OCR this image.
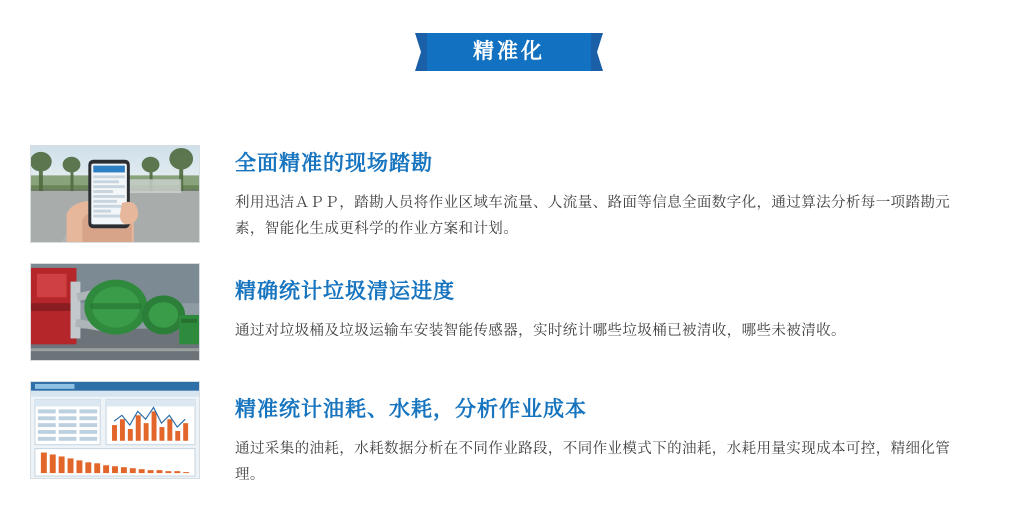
精准化
全面精准的现场踏勘

利用迅洁ＡＰＰ，踏勘人员将作业区域车流量、人流量、路面等信息全面数字化，通过算法分析每一项踏勘元素，智能化生成更科学的作业方案和计划。

精确统计垃圾清运进度

通过对垃圾桶及垃圾运输车安装智能传感器，实时统计哪些垃圾桶已被清收，哪些未被清收。

精准统计油耗、水耗，分析作业成本

通过采集的油耗，水耗数据分析在不同作业路段，不同作业模式下的油耗，水耗用量实现成本可控，精细化管理。
